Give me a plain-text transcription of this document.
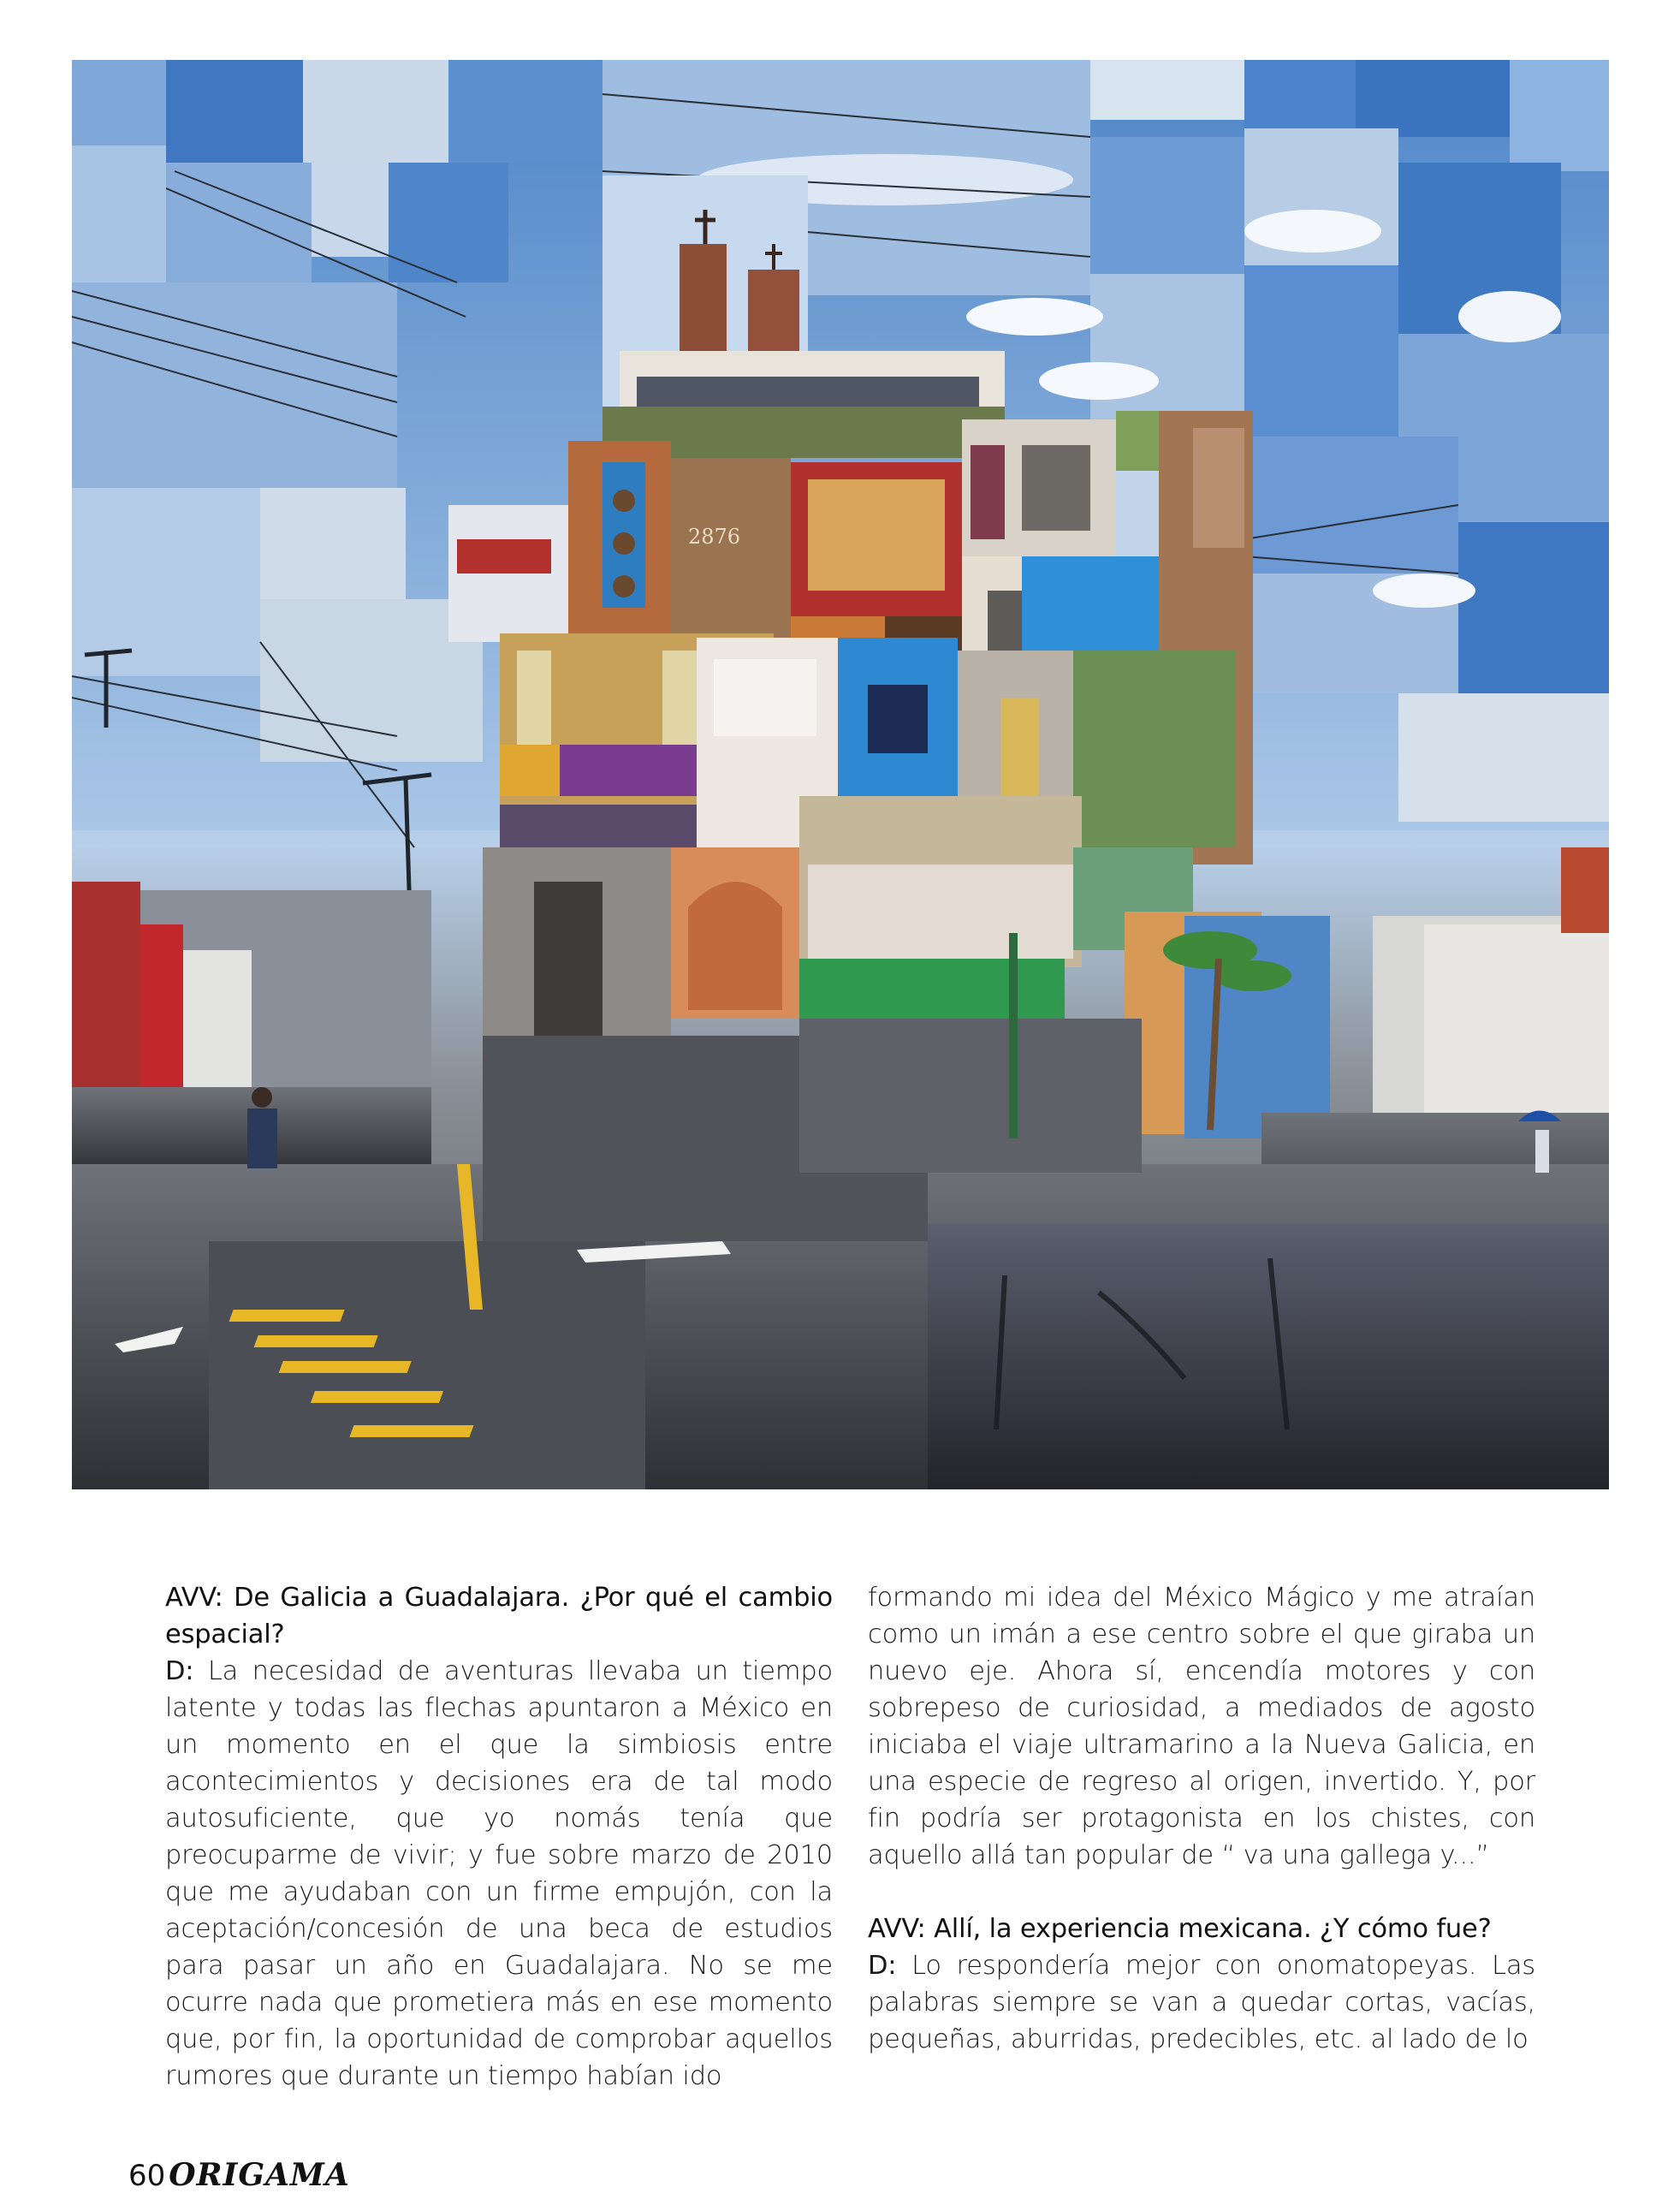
2876
AVV: De Galicia a Guadalajara. ¿Por qué el cambio espacial?
D: La necesidad de aventuras llevaba un tiempo latente y todas las flechas apuntaron a México en un momento en el que la simbiosis entre acontecimientos y decisiones era de tal modo autosuficiente, que yo nomás tenía que preocuparme de vivir; y fue sobre marzo de 2010 que me ayudaban con un firme empujón, con la aceptación/concesión de una beca de estudios para pasar un año en Guadalajara. No se me ocurre nada que prometiera más en ese momento que, por fin, la oportunidad de comprobar aquellos rumores que durante un tiempo habían ido
formando mi idea del México Mágico y me atraían como un imán a ese centro sobre el que giraba un nuevo eje. Ahora sí, encendía motores y con sobrepeso de curiosidad, a mediados de agosto iniciaba el viaje ultramarino a la Nueva Galicia, en una especie de regreso al origen, invertido. Y, por fin podría ser protagonista en los chistes, con aquello allá tan popular de “ va una gallega y...”
AVV: Allí, la experiencia mexicana. ¿Y cómo fue?
D: Lo respondería mejor con onomatopeyas. Las palabras siempre se van a quedar cortas, vacías, pequeñas, aburridas, predecibles, etc. al lado de lo
60 ORIGAMA
